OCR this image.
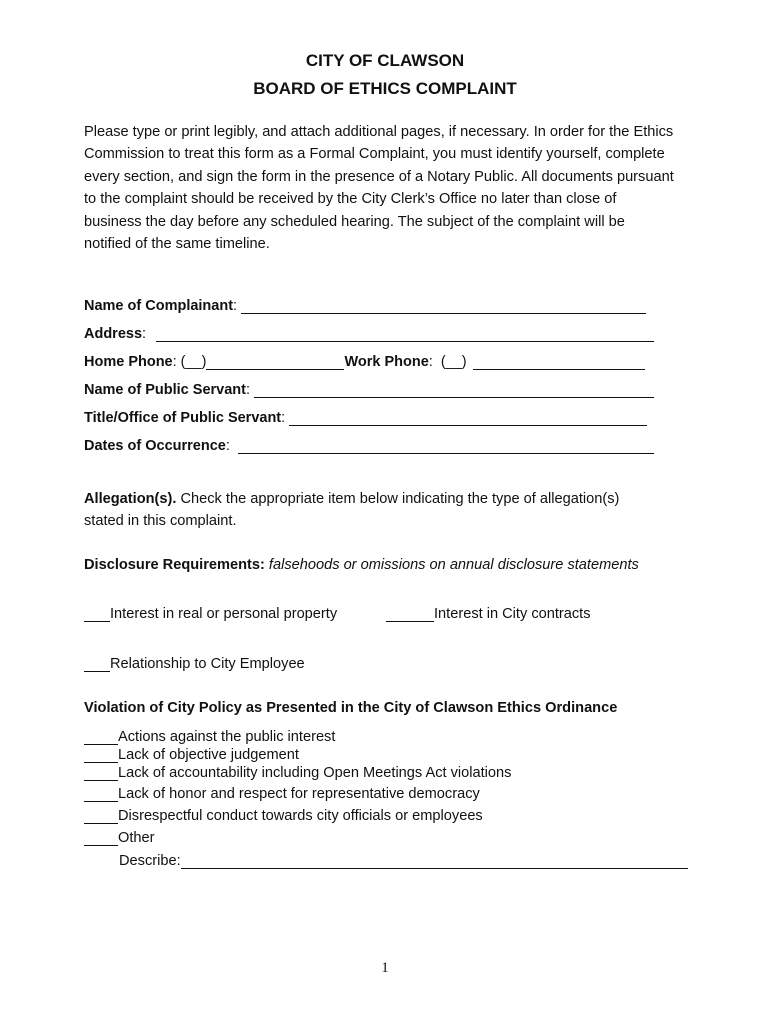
CITY OF CLAWSON
BOARD OF ETHICS COMPLAINT

Please type or print legibly, and attach additional pages, if necessary. In order for the Ethics Commission to treat this form as a Formal Complaint, you must identify yourself, complete every section, and sign the form in the presence of a Notary Public. All documents pursuant to the complaint should be received by the City Clerk’s Office no later than close of business the day before any scheduled hearing. The subject of the complaint will be notified of the same timeline.

Name of Complainant :
Address :
Home Phone : (__)	Work Phone : (__)
Name of Public Servant :
Title/Office of Public Servant :
Dates of Occurrence :

Allegation(s). Check the appropriate item below indicating the type of allegation(s) stated in this complaint.

Disclosure Requirements: falsehoods or omissions on annual disclosure statements

Interest in real or personal property	Interest in City contracts
Relationship to City Employee
Violation of City Policy as Presented in the City of Clawson Ethics Ordinance
Actions against the public interest
Lack of objective judgement
Lack of accountability including Open Meetings Act violations
Lack of honor and respect for representative democracy
Disrespectful conduct towards city officials or employees
Other
Describe:
1
